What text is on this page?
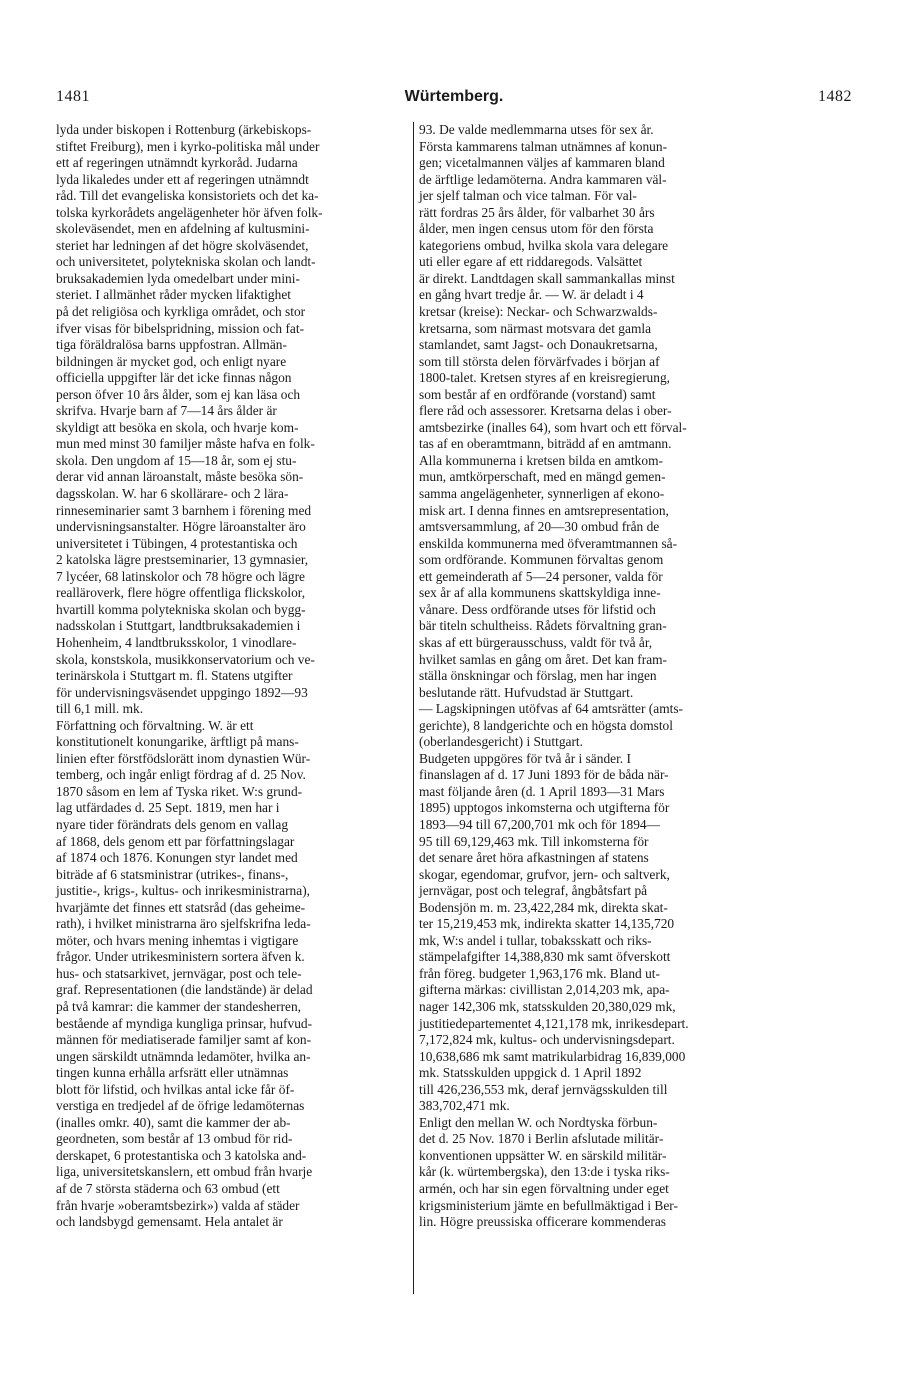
1481	Würtemberg.	1482
lyda under biskopen i Rottenburg (ärkebiskops-
stiftet Freiburg), men i kyrko-politiska mål under
ett af regeringen utnämndt kyrkoråd. Judarna
lyda likaledes under ett af regeringen utnämndt
råd. Till det evangeliska konsistoriets och det ka-
tolska kyrkorådets angelägenheter hör äfven folk-
skoleväsendet, men en afdelning af kultusmini-
steriet har ledningen af det högre skolväsendet,
och universitetet, polytekniska skolan och landt-
bruksakademien lyda omedelbart under mini-
steriet. I allmänhet råder mycken lifaktighet
på det religiösa och kyrkliga området, och stor
ifver visas för bibelspridning, mission och fat-
tiga föräldralösa barns uppfostran. Allmän-
bildningen är mycket god, och enligt nyare
officiella uppgifter lär det icke finnas någon
person öfver 10 års ålder, som ej kan läsa och
skrifva. Hvarje barn af 7—14 års ålder är
skyldigt att besöka en skola, och hvarje kom-
mun med minst 30 familjer måste hafva en folk-
skola. Den ungdom af 15—18 år, som ej stu-
derar vid annan läroanstalt, måste besöka sön-
dagsskolan. W. har 6 skollärare- och 2 lära-
rinneseminarier samt 3 barnhem i förening med
undervisningsanstalter. Högre läroanstalter äro
universitetet i Tübingen, 4 protestantiska och
2 katolska lägre prestseminarier, 13 gymnasier,
7 lycéer, 68 latinskolor och 78 högre och lägre
realläroverk, flere högre offentliga flickskolor,
hvartill komma polytekniska skolan och bygg-
nadsskolan i Stuttgart, landtbruksakademien i
Hohenheim, 4 landtbruksskolor, 1 vinodlare-
skola, konstskola, musikkonservatorium och ve-
terinärskola i Stuttgart m. fl. Statens utgifter
för undervisningsväsendet uppgingo 1892—93
till 6,1 mill. mk.
Författning och förvaltning. W. är ett
konstitutionelt konungarike, ärftligt på mans-
linien efter förstfödslorätt inom dynastien Wür-
temberg, och ingår enligt fördrag af d. 25 Nov.
1870 såsom en lem af Tyska riket. W:s grund-
lag utfärdades d. 25 Sept. 1819, men har i
nyare tider förändrats dels genom en vallag
af 1868, dels genom ett par författningslagar
af 1874 och 1876. Konungen styr landet med
biträde af 6 statsministrar (utrikes-, finans-,
justitie-, krigs-, kultus- och inrikesministrarna),
hvarjämte det finnes ett statsråd (das geheime-
rath), i hvilket ministrarna äro sjelfskrifna leda-
möter, och hvars mening inhemtas i vigtigare
frågor. Under utrikesministern sortera äfven k.
hus- och statsarkivet, jernvägar, post och tele-
graf. Representationen (die landstände) är delad
på två kamrar: die kammer der standesherren,
bestående af myndiga kungliga prinsar, hufvud-
männen för mediatiserade familjer samt af kon-
ungen särskildt utnämnda ledamöter, hvilka an-
tingen kunna erhålla arfsrätt eller utnämnas
blott för lifstid, och hvilkas antal icke får öf-
verstiga en tredjedel af de öfrige ledamöternas
(inalles omkr. 40), samt die kammer der ab-
geordneten, som består af 13 ombud för rid-
derskapet, 6 protestantiska och 3 katolska and-
liga, universitetskanslern, ett ombud från hvarje
af de 7 största städerna och 63 ombud (ett
från hvarje »oberamtsbezirk») valda af städer
och landsbygd gemensamt. Hela antalet är
93. De valde medlemmarna utses för sex år.
Första kammarens talman utnämnes af konun-
gen; vicetalmannen väljes af kammaren bland
de ärftlige ledamöterna. Andra kammaren väl-
jer sjelf talman och vice talman. För val-
rätt fordras 25 års ålder, för valbarhet 30 års
ålder, men ingen census utom för den första
kategoriens ombud, hvilka skola vara delegare
uti eller egare af ett riddaregods. Valsättet
är direkt. Landtdagen skall sammankallas minst
en gång hvart tredje år. — W. är deladt i 4
kretsar (kreise): Neckar- och Schwarzwalds-
kretsarna, som närmast motsvara det gamla
stamlandet, samt Jagst- och Donaukretsarna,
som till största delen förvärfvades i början af
1800-talet. Kretsen styres af en kreisregierung,
som består af en ordförande (vorstand) samt
flere råd och assessorer. Kretsarna delas i ober-
amtsbezirke (inalles 64), som hvart och ett förval-
tas af en oberamtmann, biträdd af en amtmann.
Alla kommunerna i kretsen bilda en amtkom-
mun, amtkörperschaft, med en mängd gemen-
samma angelägenheter, synnerligen af ekono-
misk art. I denna finnes en amtsrepresentation,
amtsversammlung, af 20—30 ombud från de
enskilda kommunerna med öfveramtmannen så-
som ordförande. Kommunen förvaltas genom
ett gemeinderath af 5—24 personer, valda för
sex år af alla kommunens skattskyldiga inne-
vånare. Dess ordförande utses för lifstid och
bär titeln schultheiss. Rådets förvaltning gran-
skas af ett bürgerausschuss, valdt för två år,
hvilket samlas en gång om året. Det kan fram-
ställa önskningar och förslag, men har ingen
beslutande rätt. Hufvudstad är Stuttgart.
— Lagskipningen utöfvas af 64 amtsrätter (amts-
gerichte), 8 landgerichte och en högsta domstol
(oberlandesgericht) i Stuttgart.
Budgeten uppgöres för två år i sänder. I
finanslagen af d. 17 Juni 1893 för de båda när-
mast följande åren (d. 1 April 1893—31 Mars
1895) upptogos inkomsterna och utgifterna för
1893—94 till 67,200,701 mk och för 1894—
95 till 69,129,463 mk. Till inkomsterna för
det senare året höra afkastningen af statens
skogar, egendomar, grufvor, jern- och saltverk,
jernvägar, post och telegraf, ångbåtsfart på
Bodensjön m. m. 23,422,284 mk, direkta skat-
ter 15,219,453 mk, indirekta skatter 14,135,720
mk, W:s andel i tullar, tobaksskatt och riks-
stämpelafgifter 14,388,830 mk samt öfverskott
från föreg. budgeter 1,963,176 mk. Bland ut-
gifterna märkas: civillistan 2,014,203 mk, apa-
nager 142,306 mk, statsskulden 20,380,029 mk,
justitiedepartementet 4,121,178 mk, inrikesdepart.
7,172,824 mk, kultus- och undervisningsdepart.
10,638,686 mk samt matrikularbidrag 16,839,000
mk. Statsskulden uppgick d. 1 April 1892
till 426,236,553 mk, deraf jernvägsskulden till
383,702,471 mk.
Enligt den mellan W. och Nordtyska förbun-
det d. 25 Nov. 1870 i Berlin afslutade militär-
konventionen uppsätter W. en särskild militär-
kår (k. würtembergska), den 13:de i tyska riks-
armén, och har sin egen förvaltning under eget
krigsministerium jämte en befullmäktigad i Ber-
lin. Högre preussiska officerare kommenderas
